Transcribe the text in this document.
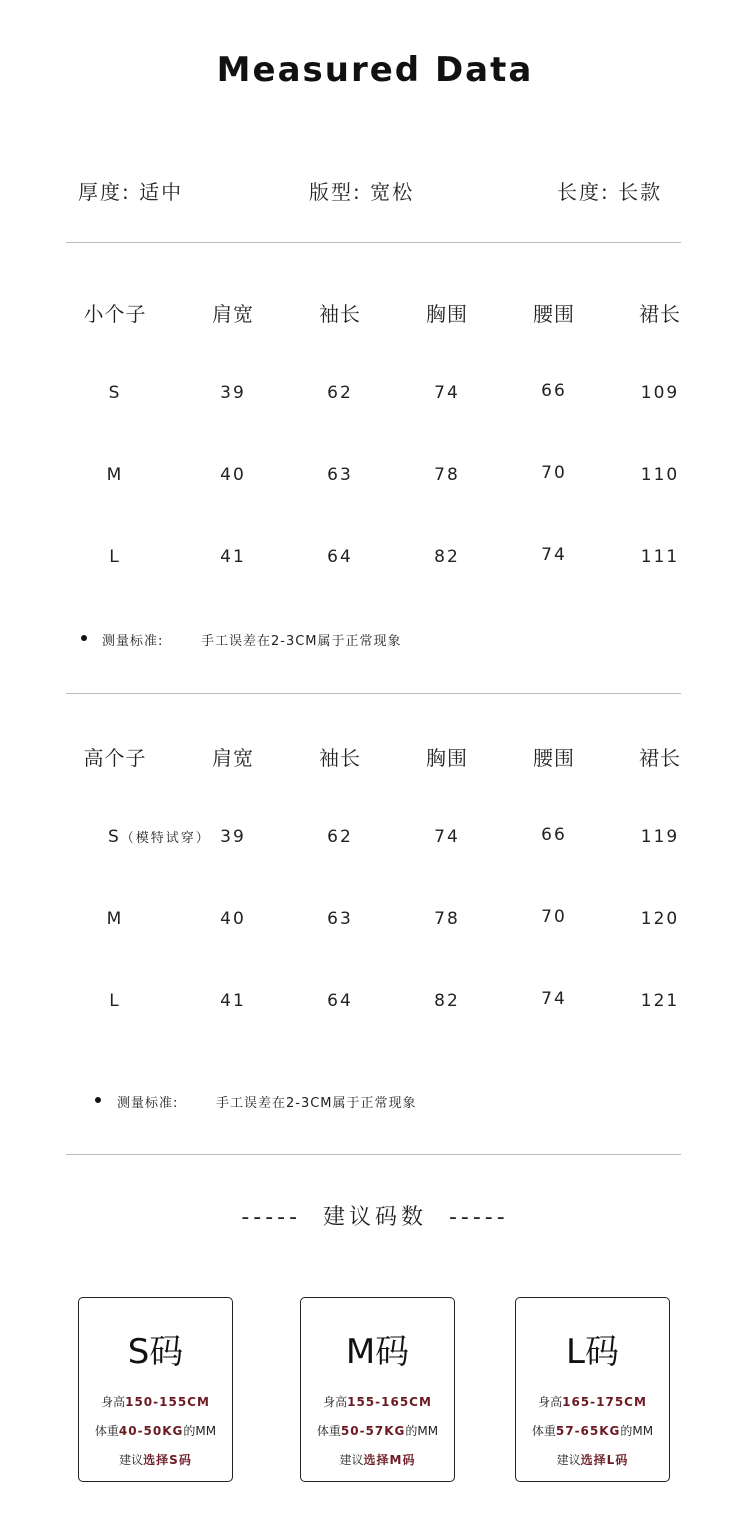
Measured Data
厚度: 适中	版型: 宽松	长度: 长款
小个子	肩宽	袖长	胸围	腰围	裙长
S	39	62	74	66	109
M	40	63	78	70	110
L	41	64	82	74	111
测量标准:	手工误差在2-3CM属于正常现象
高个子	肩宽	袖长	胸围	腰围	裙长
S（模特试穿） 39	62	74	66	119
M	40	63	78	70	120
L	41	64	82	74	121
测量标准:	手工误差在2-3CM属于正常现象
-----  建议码数  -----
S码
身高150-155CM
体重40-50KG的MM
建议选择S码
M码
身高155-165CM
体重50-57KG的MM
建议选择M码
L码
身高165-175CM
体重57-65KG的MM
建议选择L码
